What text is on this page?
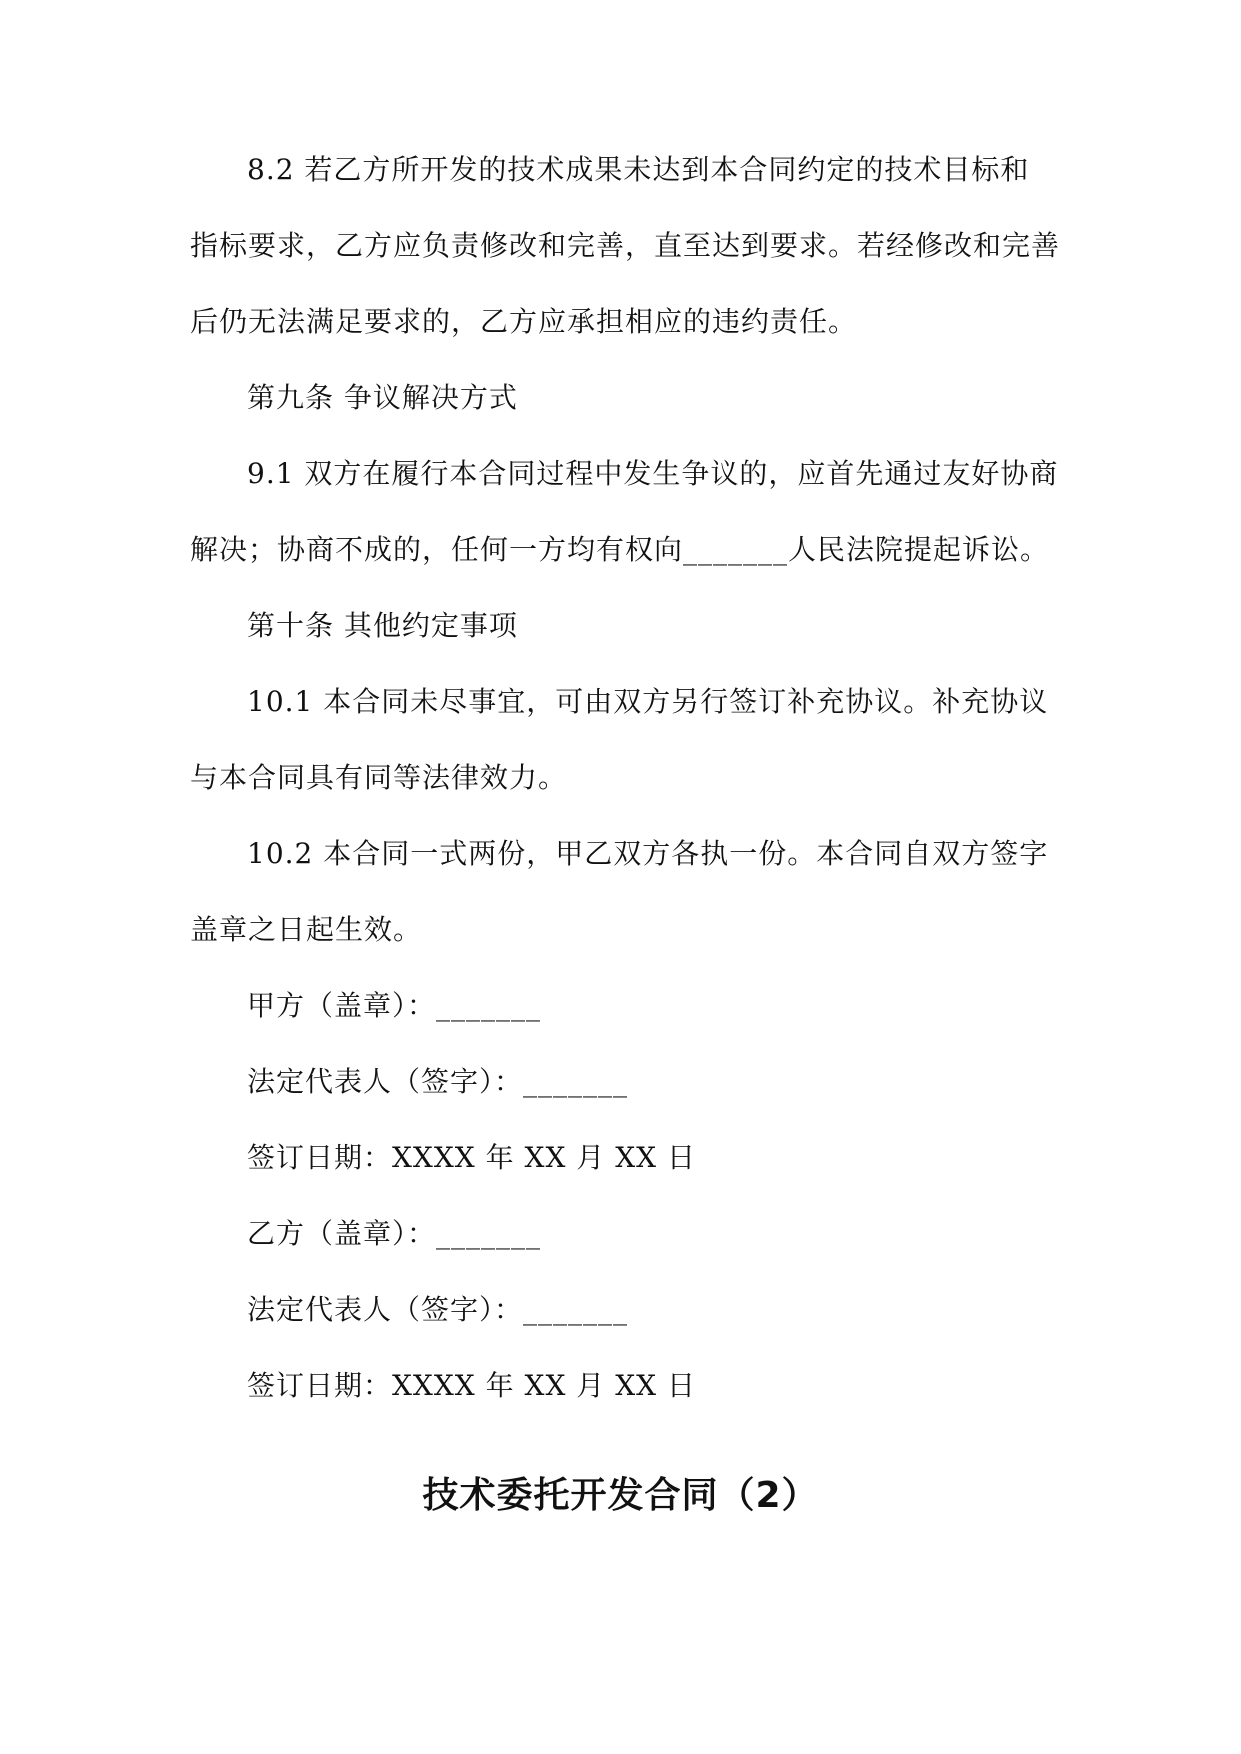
8.2 若乙方所开发的技术成果未达到本合同约定的技术目标和
指标要求，乙方应负责修改和完善，直至达到要求。若经修改和完善
后仍无法满足要求的，乙方应承担相应的违约责任。
第九条 争议解决方式
9.1 双方在履行本合同过程中发生争议的，应首先通过友好协商
解决；协商不成的，任何一方均有权向_______人民法院提起诉讼。
第十条 其他约定事项
10.1 本合同未尽事宜，可由双方另行签订补充协议。补充协议
与本合同具有同等法律效力。
10.2 本合同一式两份，甲乙双方各执一份。本合同自双方签字
盖章之日起生效。
甲方（盖章）：_______
法定代表人（签字）：_______
签订日期：XXXX 年 XX 月 XX 日
乙方（盖章）：_______
法定代表人（签字）：_______
签订日期：XXXX 年 XX 月 XX 日
技术委托开发合同（2）
